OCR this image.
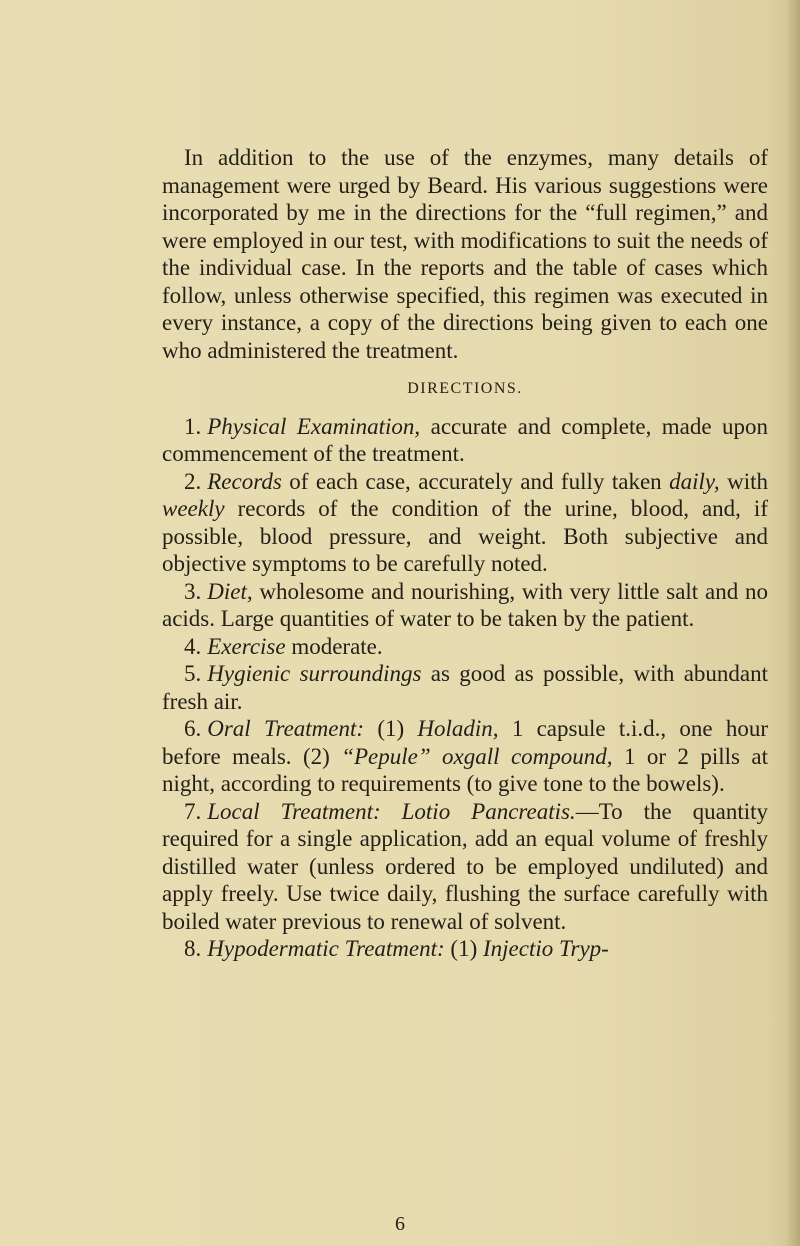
In addition to the use of the enzymes, many details of management were urged by Beard. His various suggestions were incorporated by me in the directions for the “full regimen,” and were employed in our test, with modifications to suit the needs of the individual case. In the reports and the table of cases which follow, unless otherwise specified, this regimen was executed in every instance, a copy of the directions being given to each one who administered the treatment.

DIRECTIONS.

1. Physical Examination, accurate and complete, made upon commencement of the treatment.

2. Records of each case, accurately and fully taken daily, with weekly records of the condition of the urine, blood, and, if possible, blood pressure, and weight. Both subjective and objective symptoms to be carefully noted.

3. Diet, wholesome and nourishing, with very little salt and no acids. Large quantities of water to be taken by the patient.

4. Exercise moderate.

5. Hygienic surroundings as good as possible, with abundant fresh air.

6. Oral Treatment: (1) Holadin, 1 capsule t.i.d., one hour before meals. (2) “Pepule” oxgall compound, 1 or 2 pills at night, according to requirements (to give tone to the bowels).

7. Local Treatment: Lotio Pancreatis.—To the quantity required for a single application, add an equal volume of freshly distilled water (unless ordered to be employed undiluted) and apply freely. Use twice daily, flushing the surface carefully with boiled water previous to renewal of solvent.

8. Hypodermatic Treatment: (1) Injectio Tryp-

6
